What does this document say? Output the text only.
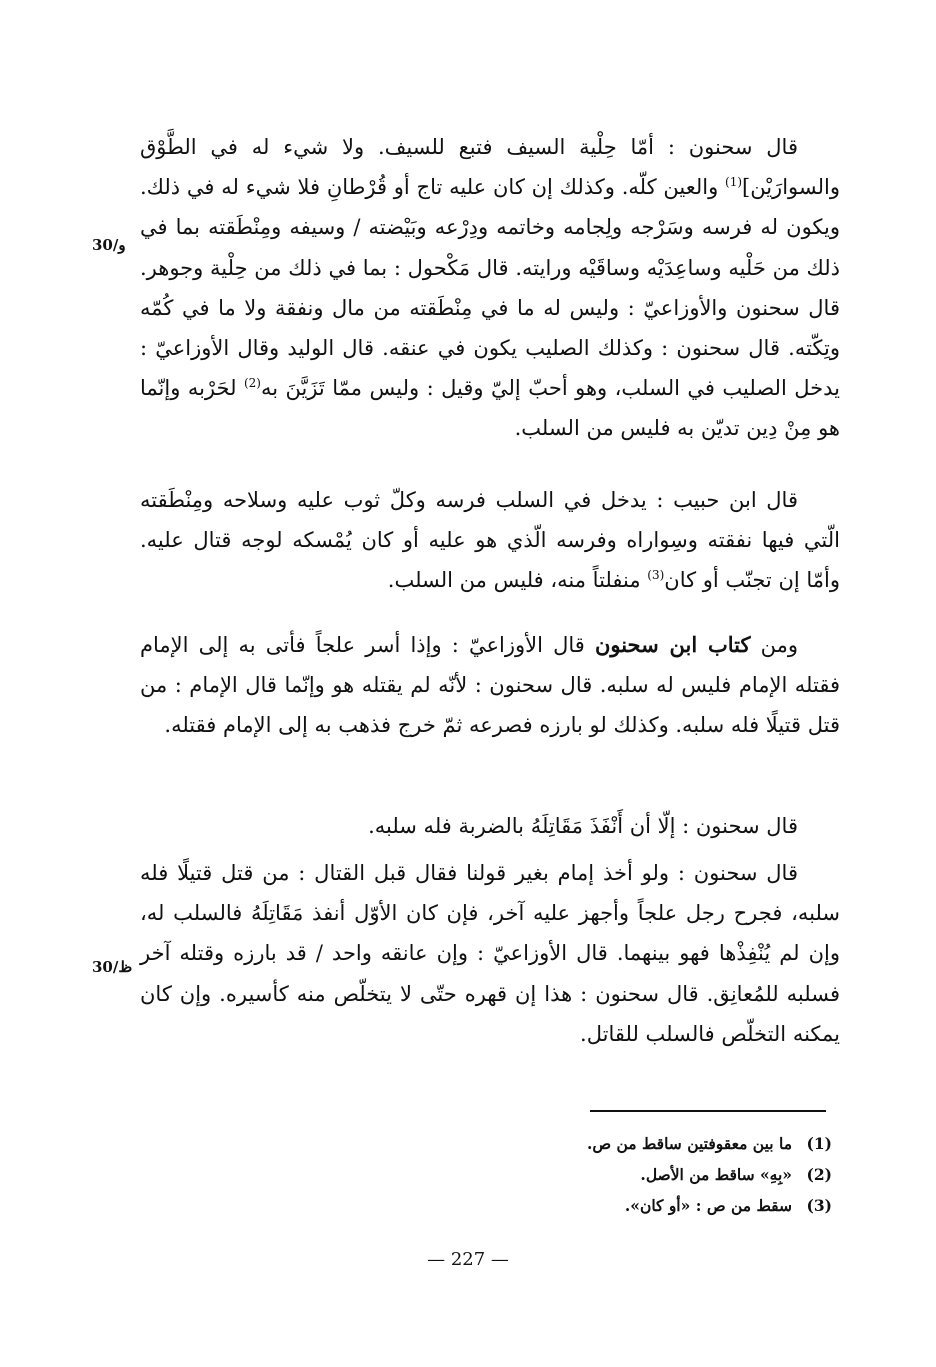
قال سحنون : أمّا حِلْية السيف فتبع للسيف. ولا شيء له في الطَّوْق والسوارَيْن]$^{(1)}$ والعين كلّه. وكذلك إن كان عليه تاج أو قُرْطانِ فلا شيء له في ذلك. ويكون له فرسه وسَرْجه ولِجامه وخاتمه ودِرْعه وبَيْضته / وسيفه ومِنْطَقته بما في ذلك من حَلْيه وساعِدَيْه وساقَيْه ورايته. قال مَكْحول : بما في ذلك من حِلْية وجوهر. قال سحنون والأوزاعيّ : وليس له ما في مِنْطَقته من مال ونفقة ولا ما في كُمّه وتِكّته. قال سحنون : وكذلك الصليب يكون في عنقه. قال الوليد وقال الأوزاعيّ : يدخل الصليب في السلب، وهو أحبّ إليّ وقيل : وليس ممّا تَزَيَّنَ به$^{(2)}$ لحَرْبه وإنّما هو مِنْ دِين تديّن به فليس من السلب.
قال ابن حبيب : يدخل في السلب فرسه وكلّ ثوب عليه وسلاحه ومِنْطَقته الّتي فيها نفقته وسِواراه وفرسه الّذي هو عليه أو كان يُمْسكه لوجه قتال عليه. وأمّا إن تجنّب أو كان$^{(3)}$ منفلتاً منه، فليس من السلب.
ومن كتاب ابن سحنون قال الأوزاعيّ : وإذا أسر علجاً فأتى به إلى الإمام فقتله الإمام فليس له سلبه. قال سحنون : لأنّه لم يقتله هو وإنّما قال الإمام : من قتل قتيلًا فله سلبه. وكذلك لو بارزه فصرعه ثمّ خرج فذهب به إلى الإمام فقتله.
قال سحنون : إلّا أن أَنْفَذَ مَقَاتِلَهُ بالضربة فله سلبه.
قال سحنون : ولو أخذ إمام بغير قولنا فقال قبل القتال : من قتل قتيلًا فله سلبه، فجرح رجل علجاً وأجهز عليه آخر، فإن كان الأوّل أنفذ مَقَاتِلَهُ فالسلب له، وإن لم يُنْفِذْها فهو بينهما. قال الأوزاعيّ : وإن عانقه واحد / قد بارزه وقتله آخر فسلبه للمُعانِق. قال سحنون : هذا إن قهره حتّى لا يتخلّص منه كأسيره. وإن كان يمكنه التخلّص فالسلب للقاتل.
30/و
30/ظ
(1)
ما بين معقوفتين ساقط من ص.
(2)
«بِهِ» ساقط من الأصل.
(3)
سقط من ص : «أو كان».
— 227 —
